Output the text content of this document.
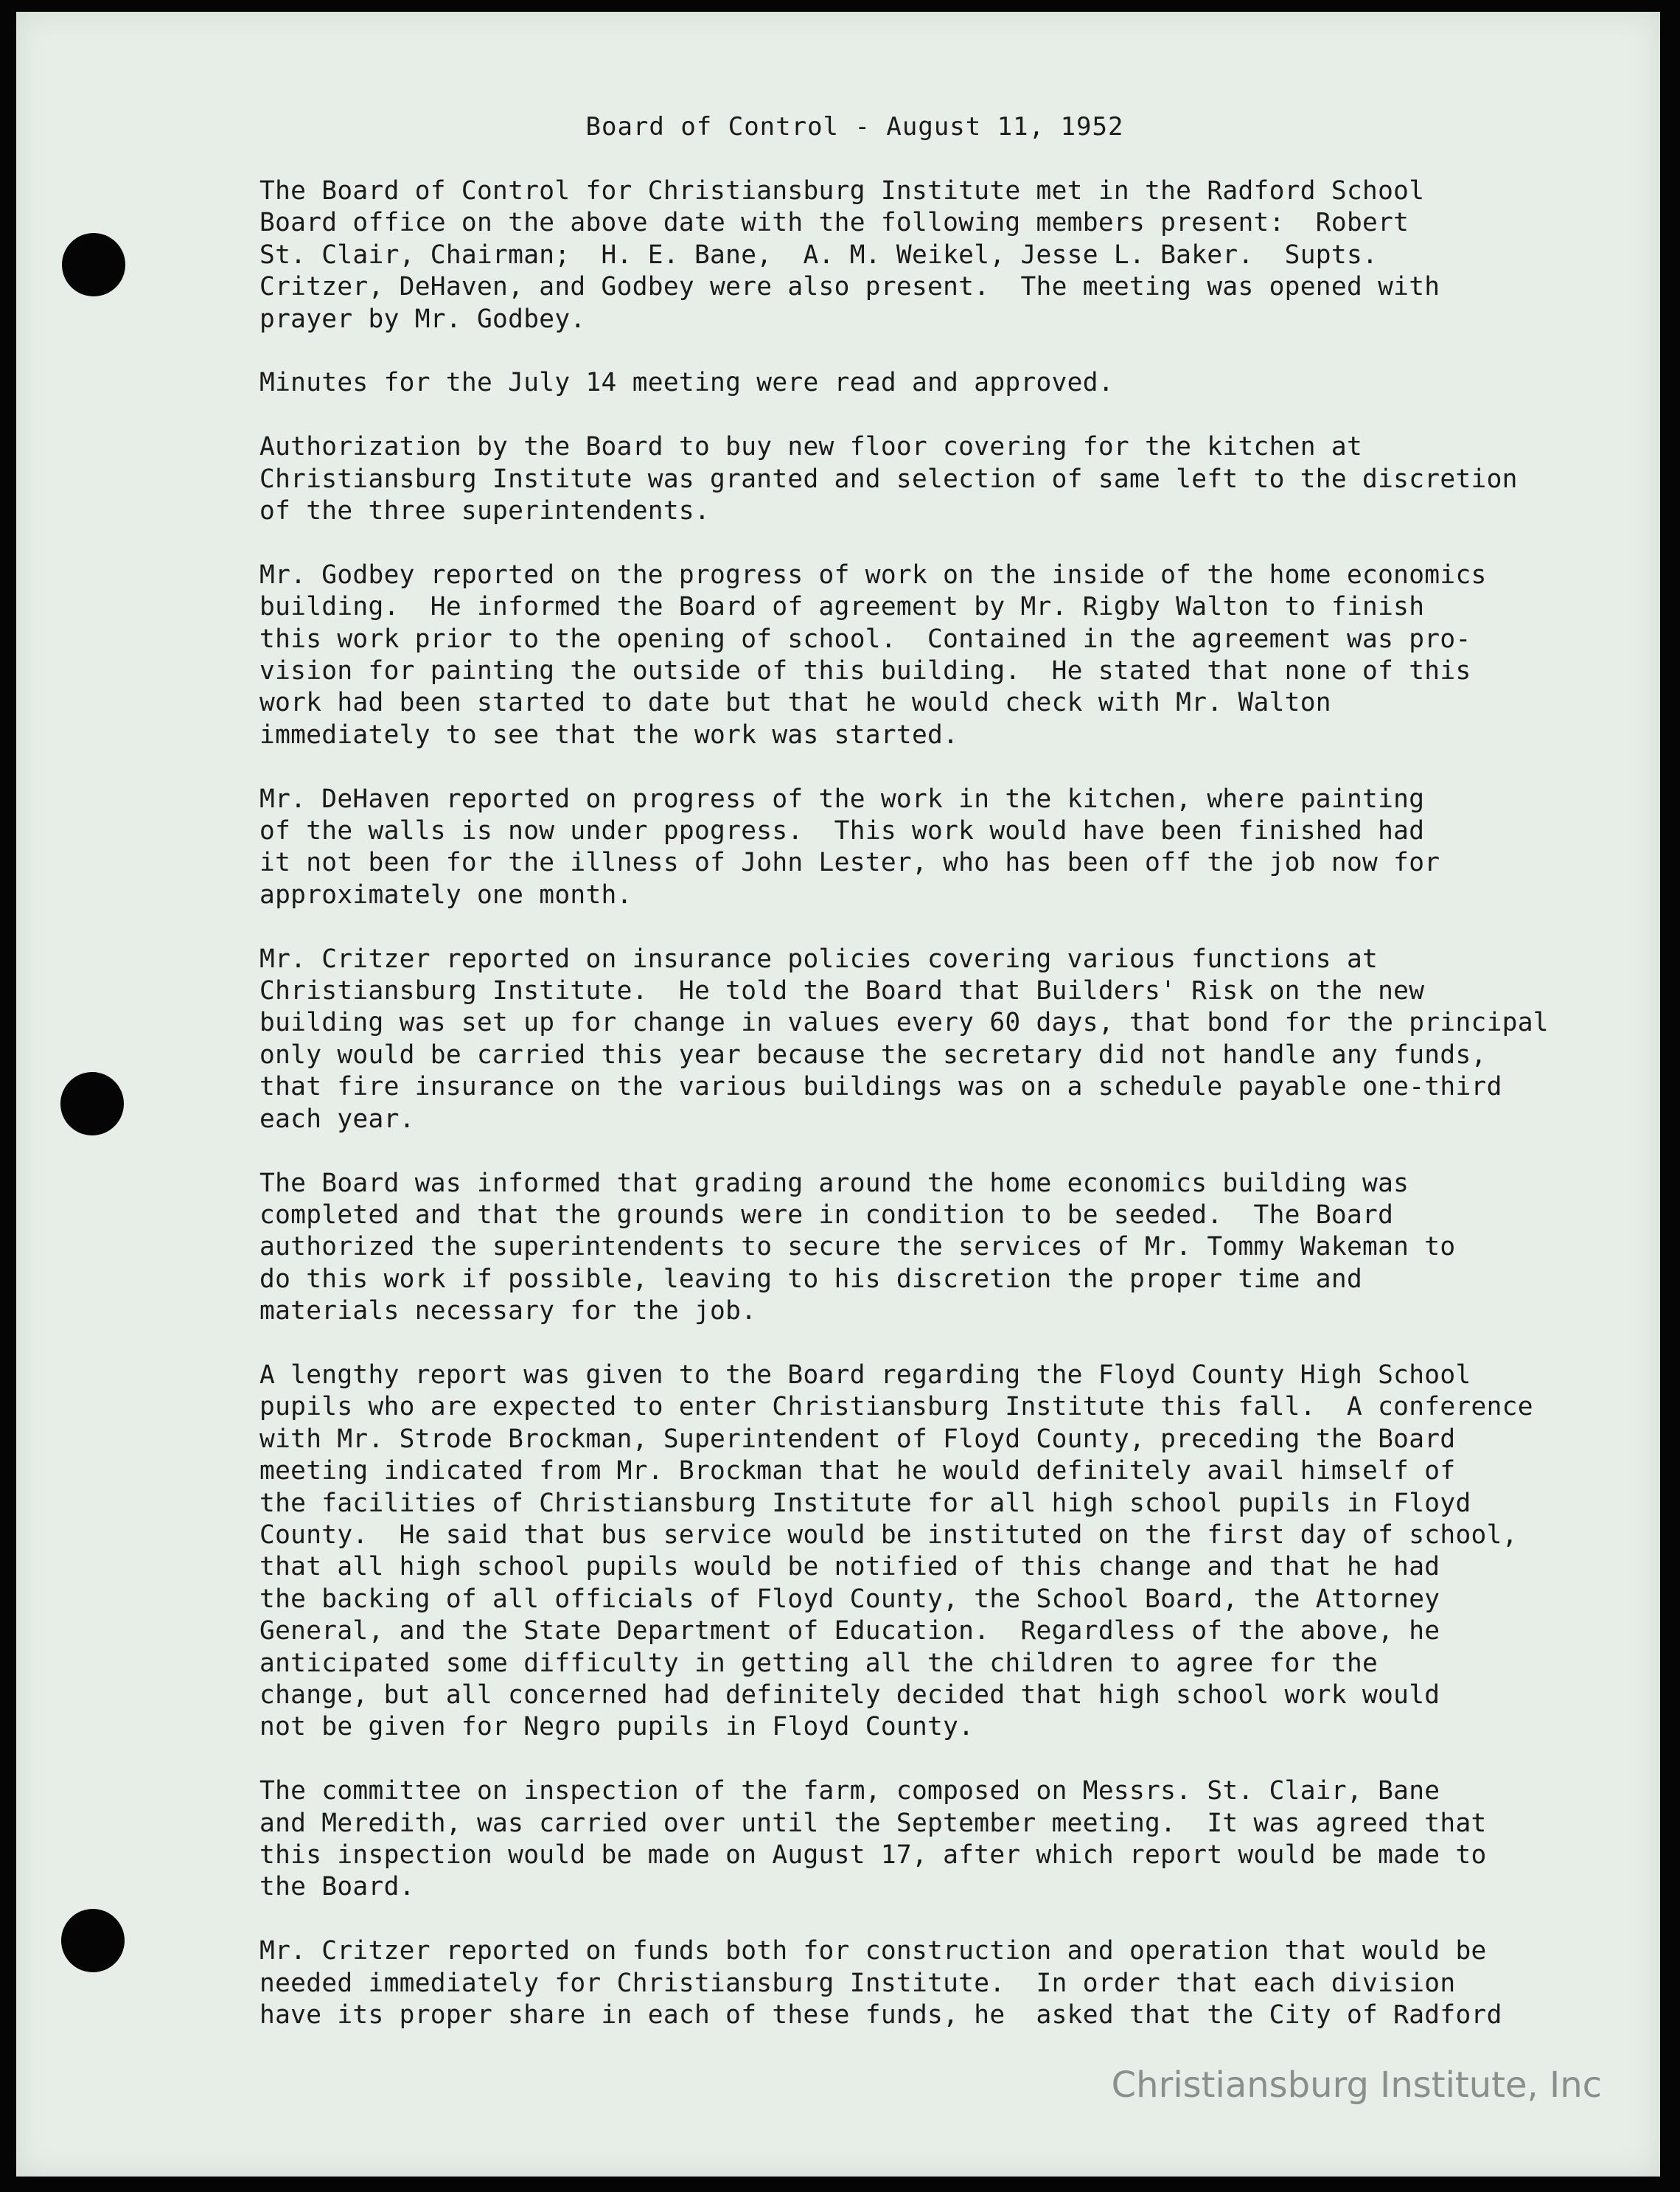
Board of Control - August 11, 1952
The Board of Control for Christiansburg Institute met in the Radford School
Board office on the above date with the following members present:  Robert
St. Clair, Chairman;  H. E. Bane,  A. M. Weikel, Jesse L. Baker.  Supts.
Critzer, DeHaven, and Godbey were also present.  The meeting was opened with
prayer by Mr. Godbey.
Minutes for the July 14 meeting were read and approved.
Authorization by the Board to buy new floor covering for the kitchen at
Christiansburg Institute was granted and selection of same left to the discretion
of the three superintendents.
Mr. Godbey reported on the progress of work on the inside of the home economics
building.  He informed the Board of agreement by Mr. Rigby Walton to finish
this work prior to the opening of school.  Contained in the agreement was pro-
vision for painting the outside of this building.  He stated that none of this
work had been started to date but that he would check with Mr. Walton
immediately to see that the work was started.
Mr. DeHaven reported on progress of the work in the kitchen, where painting
of the walls is now under ppogress.  This work would have been finished had
it not been for the illness of John Lester, who has been off the job now for
approximately one month.
Mr. Critzer reported on insurance policies covering various functions at
Christiansburg Institute.  He told the Board that Builders' Risk on the new
building was set up for change in values every 60 days, that bond for the principal
only would be carried this year because the secretary did not handle any funds,
that fire insurance on the various buildings was on a schedule payable one-third
each year.
The Board was informed that grading around the home economics building was
completed and that the grounds were in condition to be seeded.  The Board
authorized the superintendents to secure the services of Mr. Tommy Wakeman to
do this work if possible, leaving to his discretion the proper time and
materials necessary for the job.
A lengthy report was given to the Board regarding the Floyd County High School
pupils who are expected to enter Christiansburg Institute this fall.  A conference
with Mr. Strode Brockman, Superintendent of Floyd County, preceding the Board
meeting indicated from Mr. Brockman that he would definitely avail himself of
the facilities of Christiansburg Institute for all high school pupils in Floyd
County.  He said that bus service would be instituted on the first day of school,
that all high school pupils would be notified of this change and that he had
the backing of all officials of Floyd County, the School Board, the Attorney
General, and the State Department of Education.  Regardless of the above, he
anticipated some difficulty in getting all the children to agree for the
change, but all concerned had definitely decided that high school work would
not be given for Negro pupils in Floyd County.
The committee on inspection of the farm, composed on Messrs. St. Clair, Bane
and Meredith, was carried over until the September meeting.  It was agreed that
this inspection would be made on August 17, after which report would be made to
the Board.
Mr. Critzer reported on funds both for construction and operation that would be
needed immediately for Christiansburg Institute.  In order that each division
have its proper share in each of these funds, he  asked that the City of Radford
Christiansburg Institute, Inc
